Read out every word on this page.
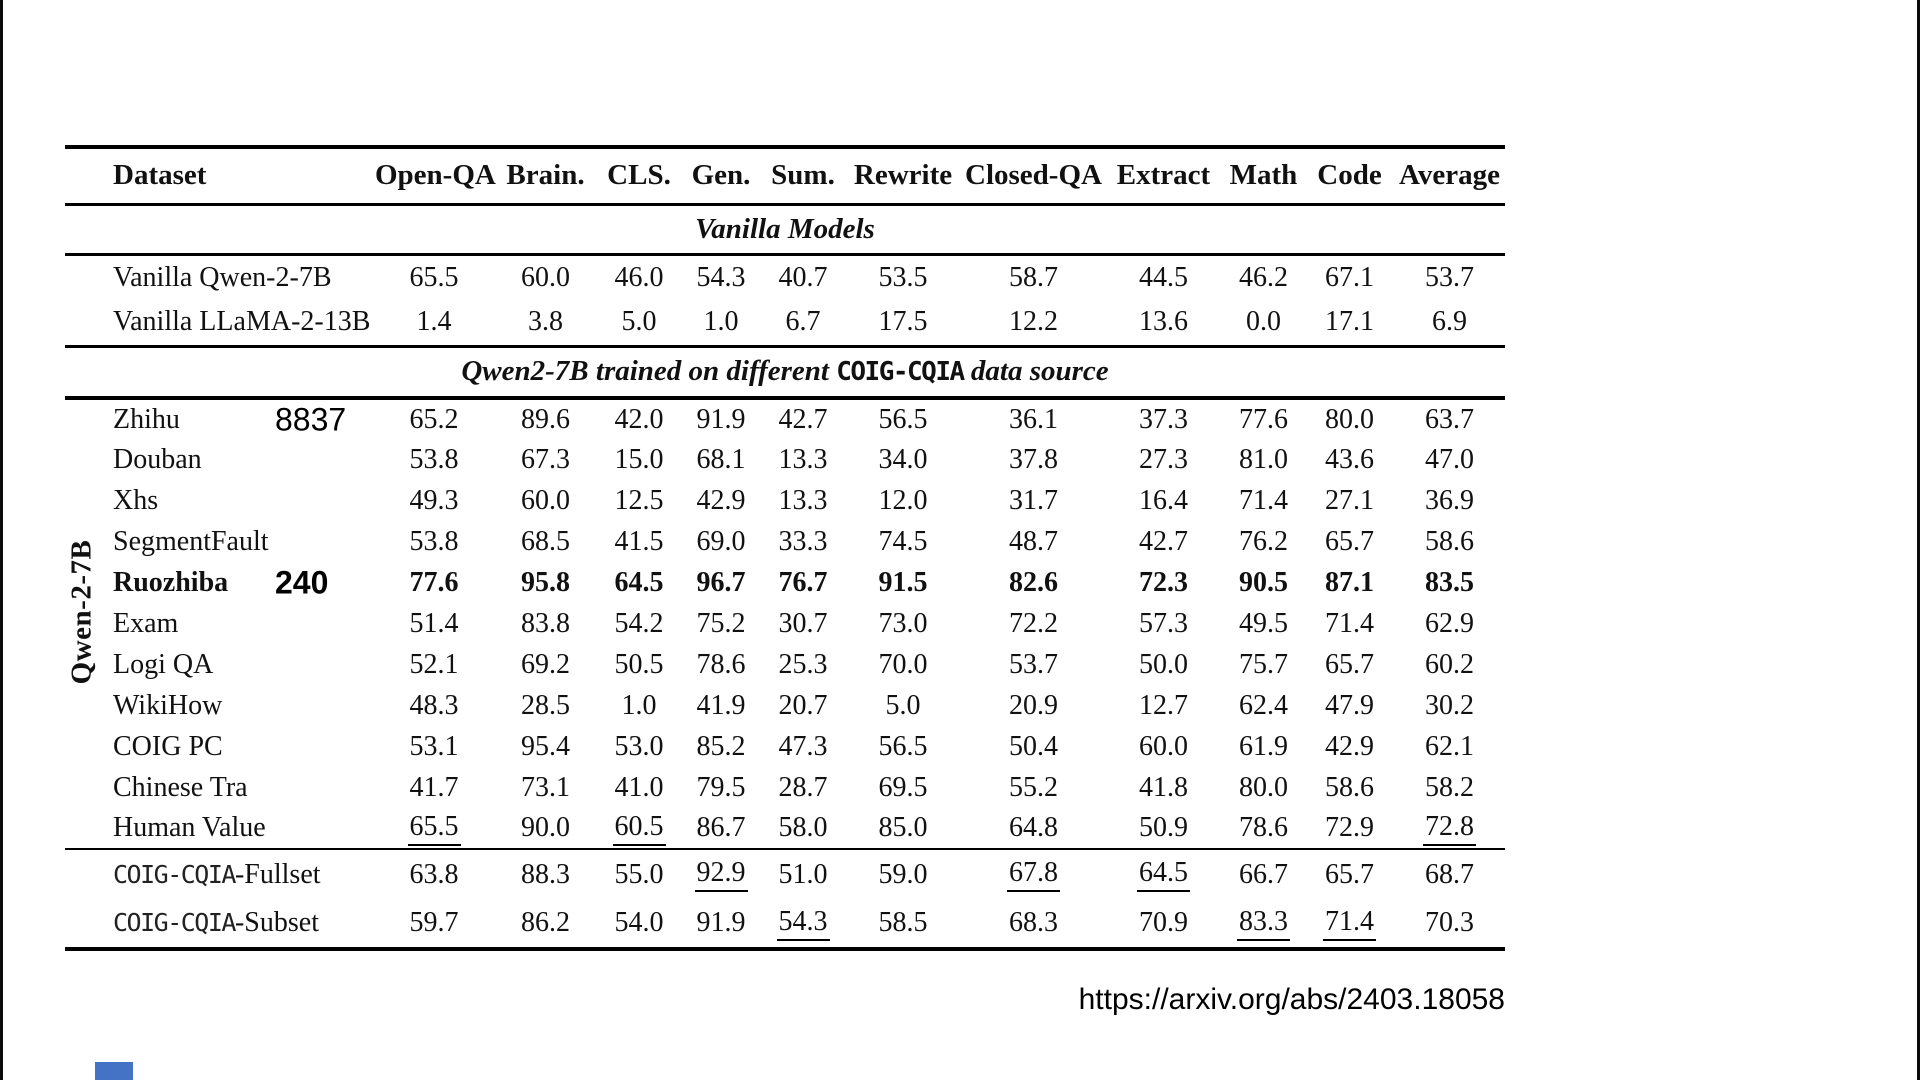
Dataset	Open-QA	Brain.	CLS.	Gen.	Sum.	Rewrite	Closed-QA	Extract	Math	Code	Average
Vanilla Models											
Vanilla Qwen-2-7B	65.5	60.0	46.0	54.3	40.7	53.5	58.7	44.5	46.2	67.1	53.7
Vanilla LLaMA-2-13B	1.4	3.8	5.0	1.0	6.7	17.5	12.2	13.6	0.0	17.1	6.9
Qwen2-7B trained on different COIG-CQIA data source											
Zhihu 8837	65.2	89.6	42.0	91.9	42.7	56.5	36.1	37.3	77.6	80.0	63.7
Douban	53.8	67.3	15.0	68.1	13.3	34.0	37.8	27.3	81.0	43.6	47.0
Xhs	49.3	60.0	12.5	42.9	13.3	12.0	31.7	16.4	71.4	27.1	36.9
SegmentFault	53.8	68.5	41.5	69.0	33.3	74.5	48.7	42.7	76.2	65.7	58.6
Ruozhiba 240	77.6	95.8	64.5	96.7	76.7	91.5	82.6	72.3	90.5	87.1	83.5
Exam	51.4	83.8	54.2	75.2	30.7	73.0	72.2	57.3	49.5	71.4	62.9
Logi QA	52.1	69.2	50.5	78.6	25.3	70.0	53.7	50.0	75.7	65.7	60.2
WikiHow	48.3	28.5	1.0	41.9	20.7	5.0	20.9	12.7	62.4	47.9	30.2
COIG PC	53.1	95.4	53.0	85.2	47.3	56.5	50.4	60.0	61.9	42.9	62.1
Chinese Tra	41.7	73.1	41.0	79.5	28.7	69.5	55.2	41.8	80.0	58.6	58.2
Human Value	65.5	90.0	60.5	86.7	58.0	85.0	64.8	50.9	78.6	72.9	72.8
COIG-CQIA-Fullset	63.8	88.3	55.0	92.9	51.0	59.0	67.8	64.5	66.7	65.7	68.7
COIG-CQIA-Subset	59.7	86.2	54.0	91.9	54.3	58.5	68.3	70.9	83.3	71.4	70.3
Qwen-2-7B
https://arxiv.org/abs/2403.18058
